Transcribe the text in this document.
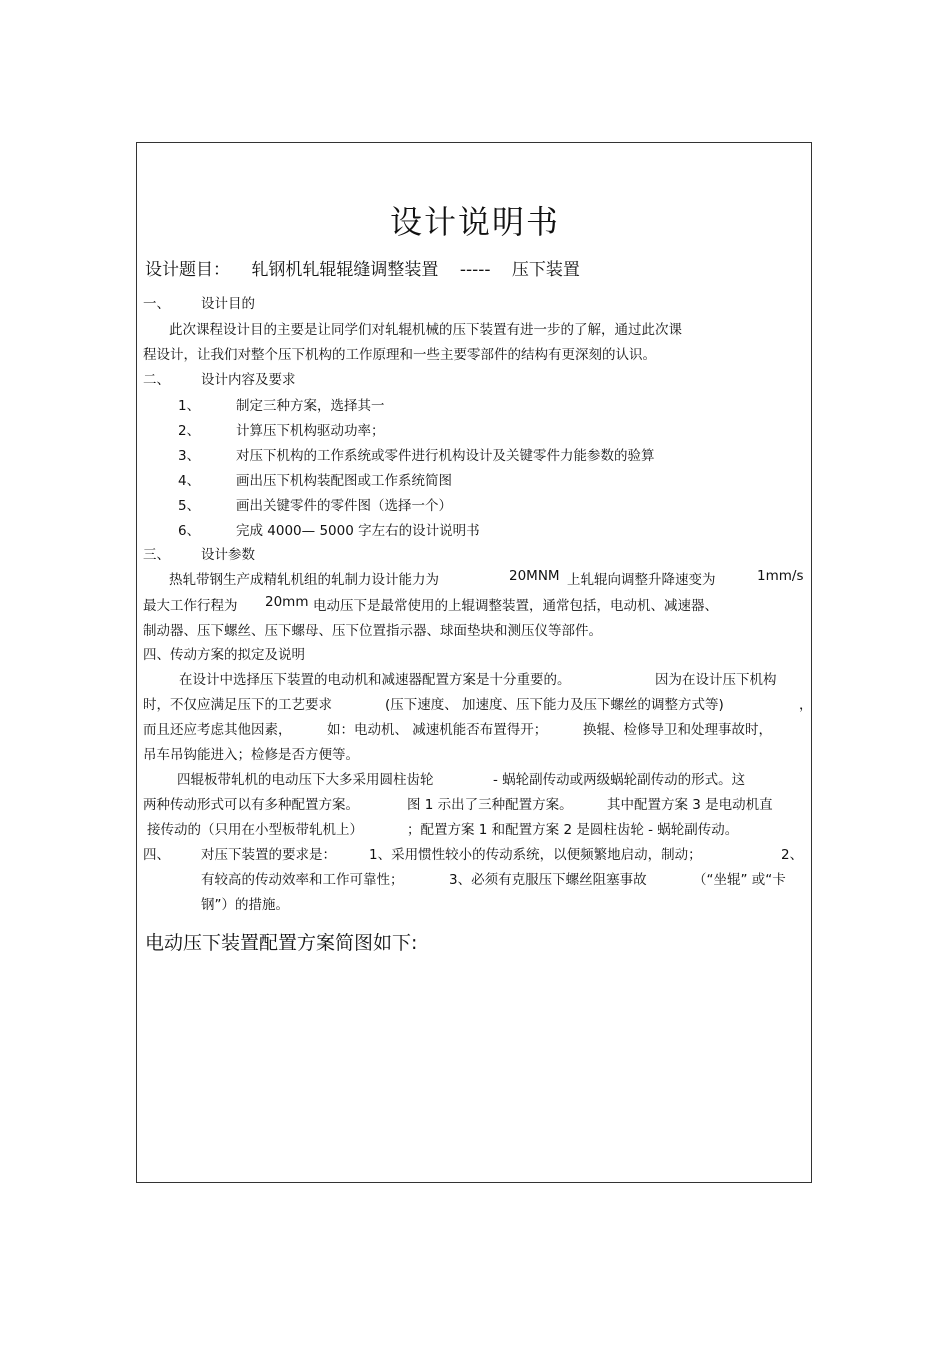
设计说明书
设计题目： 轧钢机轧辊辊缝调整装置 ----- 压下装置
一、 设计目的
此次课程设计目的主要是让同学们对轧辊机械的压下装置有进一步的了解，通过此次课
程设计，让我们对整个压下机构的工作原理和一些主要零部件的结构有更深刻的认识。
二、 设计内容及要求
1、	制定三种方案，选择其一
2、	计算压下机构驱动功率；
3、	对压下机构的工作系统或零件进行机构设计及关键零件力能参数的验算
4、	画出压下机构装配图或工作系统简图
5、	画出关键零件的零件图（选择一个）
6、	完成 4000— 5000 字左右的设计说明书
三、 设计参数
热轧带钢生产成精轧机组的轧制力设计能力为	20MNM 上轧辊向调整升降速变为	1mm/s
最大工作行程为 20mm 电动压下是最常使用的上辊调整装置，通常包括，电动机、减速器、
制动器、压下螺丝、压下螺母、压下位置指示器、球面垫块和测压仪等部件。
四、传动方案的拟定及说明
在设计中选择压下装置的电动机和减速器配置方案是十分重要的。	因为在设计压下机构
时，不仅应满足压下的工艺要求	(压下速度、 加速度、压下能力及压下螺丝的调整方式等)	，
而且还应考虑其他因素，	如：电动机、 减速机能否布置得开；	换辊、检修导卫和处理事故时，
吊车吊钩能进入；检修是否方便等。
四辊板带轧机的电动压下大多采用圆柱齿轮	- 蜗轮副传动或两级蜗轮副传动的形式。这
两种传动形式可以有多种配置方案。	图 1 示出了三种配置方案。	其中配置方案 3 是电动机直
接传动的（只用在小型板带轧机上）	；配置方案 1 和配置方案 2 是圆柱齿轮 - 蜗轮副传动。
四、 对压下装置的要求是： 1、采用惯性较小的传动系统，以便频繁地启动，制动；	2、
有较高的传动效率和工作可靠性；	3、必须有克服压下螺丝阻塞事故	（“坐辊” 或“卡
钢”）的措施。
电动压下装置配置方案简图如下:
